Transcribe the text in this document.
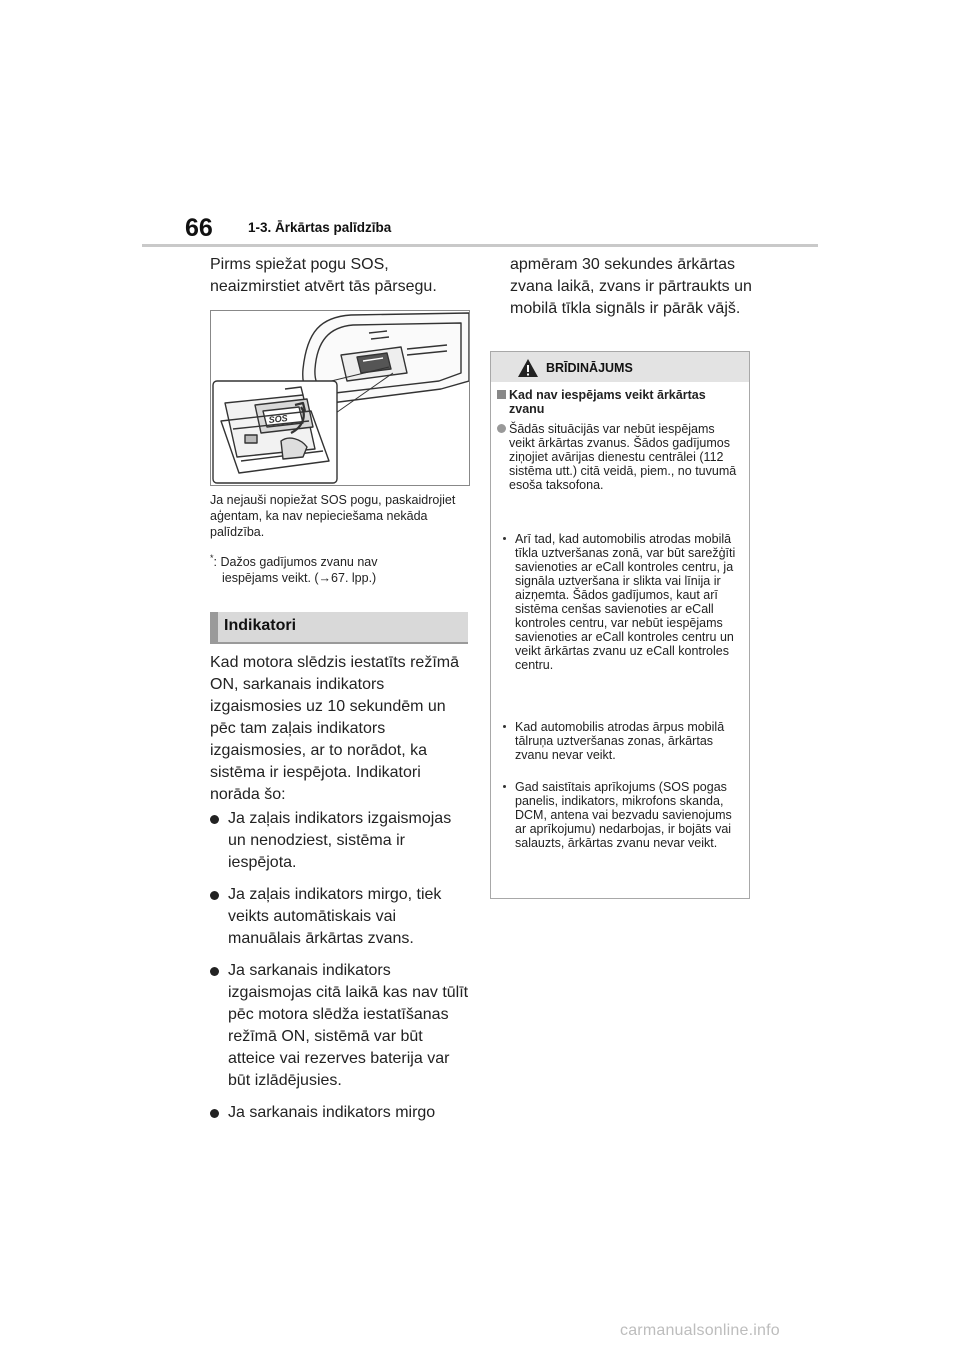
66	1-3. Ārkārtas palīdzība
Pirms spiežat pogu SOS, neaizmirstiet atvērt tās pārsegu.
SOS
Ja nejauši nopiežat SOS pogu, paskaidrojiet aģentam, ka nav nepieciešama nekāda palīdzība.
*: Dažos gadījumos zvanu nav
iespējams veikt. (→67. lpp.)
Indikatori
Kad motora slēdzis iestatīts režīmā ON, sarkanais indikators izgaismosies uz 10 sekundēm un pēc tam zaļais indikators izgaismosies, ar to norādot, ka sistēma ir iespējota. Indikatori norāda šo:
Ja zaļais indikators izgaismojas un nenodziest, sistēma ir iespējota.
Ja zaļais indikators mirgo, tiek veikts automātiskais vai manuālais ārkārtas zvans.
Ja sarkanais indikators izgaismojas citā laikā kas nav tūlīt pēc motora slēdža iestatīšanas režīmā ON, sistēmā var būt atteice vai rezerves baterija var būt izlādējusies.
Ja sarkanais indikators mirgo
apmēram 30 sekundes ārkārtas zvana laikā, zvans ir pārtraukts un mobilā tīkla signāls ir pārāk vājš.
BRĪDINĀJUMS
Kad nav iespējams veikt ārkārtas zvanu
Šādās situācijās var nebūt iespējams veikt ārkārtas zvanus. Šādos gadījumos ziņojiet avārijas dienestu centrālei (112 sistēma utt.) citā veidā, piem., no tuvumā esoša taksofona.
Arī tad, kad automobilis atrodas mobilā tīkla uztveršanas zonā, var būt sarežģīti savienoties ar eCall kontroles centru, ja signāla uztveršana ir slikta vai līnija ir aizņemta. Šādos gadījumos, kaut arī sistēma cenšas savienoties ar eCall kontroles centru, var nebūt iespējams savienoties ar eCall kontroles centru un veikt ārkārtas zvanu uz eCall kontroles centru.
Kad automobilis atrodas ārpus mobilā tālruņa uztveršanas zonas, ārkārtas zvanu nevar veikt.
Gad saistītais aprīkojums (SOS pogas panelis, indikators, mikrofons skanda, DCM, antena vai bezvadu savienojums ar aprīkojumu) nedarbojas, ir bojāts vai salauzts, ārkārtas zvanu nevar veikt.
carmanualsonline.info
